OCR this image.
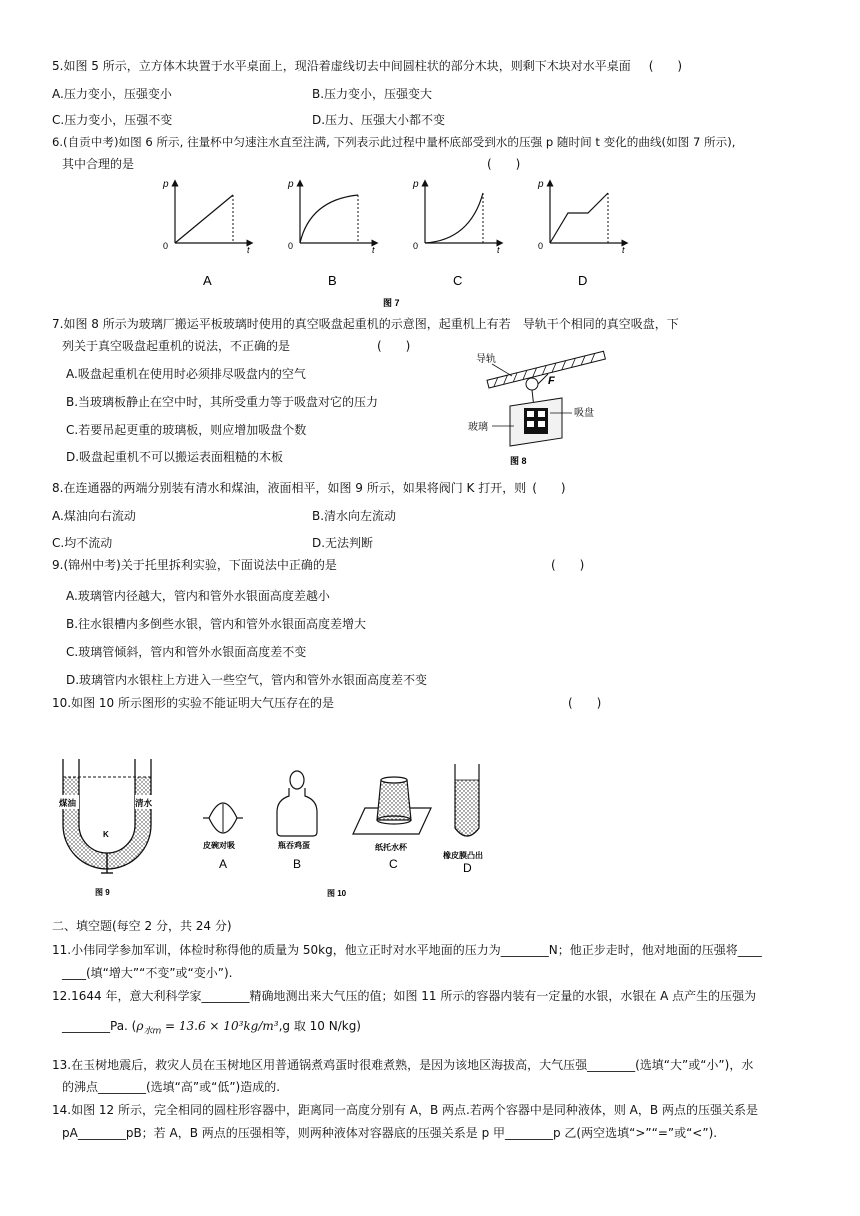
5.如图 5 所示，立方体木块置于水平桌面上，现沿着虚线切去中间圆柱状的部分木块，则剩下木块对水平桌面 (　　)
A.压力变小，压强变小	B.压力变小，压强变大
C.压力变小，压强不变	D.压力、压强大小都不变
6.(自贡中考)如图 6 所示, 往量杯中匀速注水直至注满, 下列表示此过程中量杯底部受到水的压强 p 随时间 t 变化的曲线(如图 7 所示),
其中合理的是	(　　)
p
0	t
A
p
0	t
B
p
0	t
C
p
0	t
D
图 7
7.如图 8 所示为玻璃厂搬运平板玻璃时使用的真空吸盘起重机的示意图，起重机上有若　导轨干个相同的真空吸盘，下
列关于真空吸盘起重机的说法，不正确的是	(　　)
A.吸盘起重机在使用时必须排尽吸盘内的空气
B.当玻璃板静止在空中时，其所受重力等于吸盘对它的压力
C.若要吊起更重的玻璃板，则应增加吸盘个数
D.吸盘起重机不可以搬运表面粗糙的木板
导轨
F
玻璃
吸盘
图 8
8.在连通器的两端分别装有清水和煤油，液面相平，如图 9 所示，如果将阀门 K 打开，则 (　　)
A.煤油向右流动	B.清水向左流动
C.均不流动	D.无法判断
9.(锦州中考)关于托里拆利实验，下面说法中正确的是	(　　)
A.玻璃管内径越大，管内和管外水银面高度差越小
B.往水银槽内多倒些水银，管内和管外水银面高度差增大
C.玻璃管倾斜，管内和管外水银面高度差不变
D.玻璃管内水银柱上方进入一些空气，管内和管外水银面高度差不变
10.如图 10 所示图形的实验不能证明大气压存在的是	(　　)
煤油	清水
K
图 9
皮碗对吸
A
瓶吞鸡蛋
B
纸托水杯
C
橡皮膜凸出
D
图 10
二、填空题(每空 2 分，共 24 分)
11.小伟同学参加军训，体检时称得他的质量为 50kg，他立正时对水平地面的压力为________N；他正步走时，他对地面的压强将____
____(填“增大”“不变”或“变小”).
12.1644 年，意大利科学家________精确地测出来大气压的值；如图 11 所示的容器内装有一定量的水银，水银在 A 点产生的压强为
________Pa. ($\rho_{水m} = 13.6 \times 10^3kg/m^3,g$ 取 10 N/kg)
13.在玉树地震后，救灾人员在玉树地区用普通锅煮鸡蛋时很难煮熟，是因为该地区海拔高，大气压强________(选填“大”或“小”)，水
的沸点________(选填“高”或“低”)造成的.
14.如图 12 所示，完全相同的圆柱形容器中，距离同一高度分别有 A，B 两点.若两个容器中是同种液体，则 A，B 两点的压强关系是
pA________pB；若 A，B 两点的压强相等，则两种液体对容器底的压强关系是 p 甲________p 乙(两空选填“>”“=”或“<”).
